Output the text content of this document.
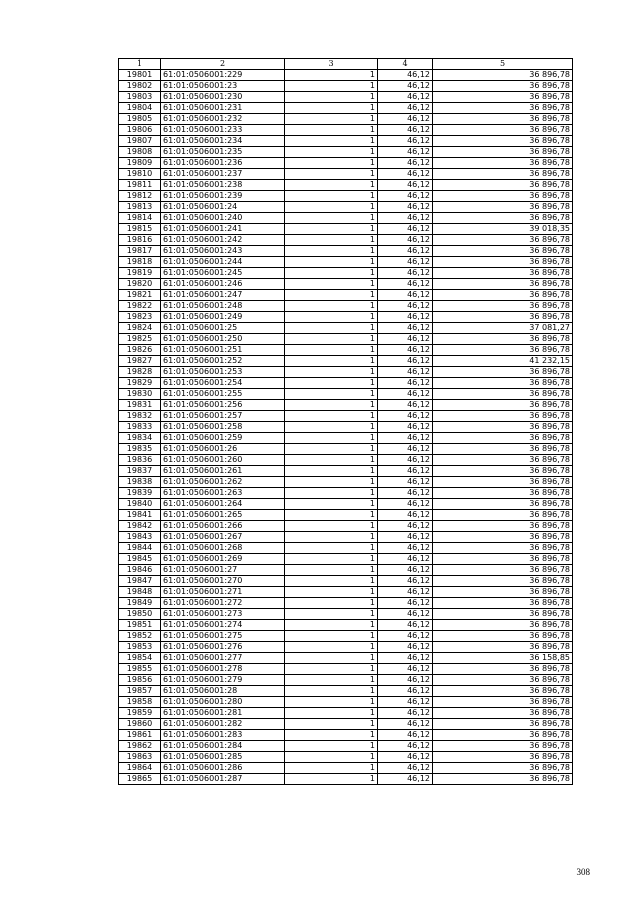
1	2	3	4	5
19801	61:01:0506001:229	1	46,12	36 896,78
19802	61:01:0506001:23	1	46,12	36 896,78
19803	61:01:0506001:230	1	46,12	36 896,78
19804	61:01:0506001:231	1	46,12	36 896,78
19805	61:01:0506001:232	1	46,12	36 896,78
19806	61:01:0506001:233	1	46,12	36 896,78
19807	61:01:0506001:234	1	46,12	36 896,78
19808	61:01:0506001:235	1	46,12	36 896,78
19809	61:01:0506001:236	1	46,12	36 896,78
19810	61:01:0506001:237	1	46,12	36 896,78
19811	61:01:0506001:238	1	46,12	36 896,78
19812	61:01:0506001:239	1	46,12	36 896,78
19813	61:01:0506001:24	1	46,12	36 896,78
19814	61:01:0506001:240	1	46,12	36 896,78
19815	61:01:0506001:241	1	46,12	39 018,35
19816	61:01:0506001:242	1	46,12	36 896,78
19817	61:01:0506001:243	1	46,12	36 896,78
19818	61:01:0506001:244	1	46,12	36 896,78
19819	61:01:0506001:245	1	46,12	36 896,78
19820	61:01:0506001:246	1	46,12	36 896,78
19821	61:01:0506001:247	1	46,12	36 896,78
19822	61:01:0506001:248	1	46,12	36 896,78
19823	61:01:0506001:249	1	46,12	36 896,78
19824	61:01:0506001:25	1	46,12	37 081,27
19825	61:01:0506001:250	1	46,12	36 896,78
19826	61:01:0506001:251	1	46,12	36 896,78
19827	61:01:0506001:252	1	46,12	41 232,15
19828	61:01:0506001:253	1	46,12	36 896,78
19829	61:01:0506001:254	1	46,12	36 896,78
19830	61:01:0506001:255	1	46,12	36 896,78
19831	61:01:0506001:256	1	46,12	36 896,78
19832	61:01:0506001:257	1	46,12	36 896,78
19833	61:01:0506001:258	1	46,12	36 896,78
19834	61:01:0506001:259	1	46,12	36 896,78
19835	61:01:0506001:26	1	46,12	36 896,78
19836	61:01:0506001:260	1	46,12	36 896,78
19837	61:01:0506001:261	1	46,12	36 896,78
19838	61:01:0506001:262	1	46,12	36 896,78
19839	61:01:0506001:263	1	46,12	36 896,78
19840	61:01:0506001:264	1	46,12	36 896,78
19841	61:01:0506001:265	1	46,12	36 896,78
19842	61:01:0506001:266	1	46,12	36 896,78
19843	61:01:0506001:267	1	46,12	36 896,78
19844	61:01:0506001:268	1	46,12	36 896,78
19845	61:01:0506001:269	1	46,12	36 896,78
19846	61:01:0506001:27	1	46,12	36 896,78
19847	61:01:0506001:270	1	46,12	36 896,78
19848	61:01:0506001:271	1	46,12	36 896,78
19849	61:01:0506001:272	1	46,12	36 896,78
19850	61:01:0506001:273	1	46,12	36 896,78
19851	61:01:0506001:274	1	46,12	36 896,78
19852	61:01:0506001:275	1	46,12	36 896,78
19853	61:01:0506001:276	1	46,12	36 896,78
19854	61:01:0506001:277	1	46,12	36 158,85
19855	61:01:0506001:278	1	46,12	36 896,78
19856	61:01:0506001:279	1	46,12	36 896,78
19857	61:01:0506001:28	1	46,12	36 896,78
19858	61:01:0506001:280	1	46,12	36 896,78
19859	61:01:0506001:281	1	46,12	36 896,78
19860	61:01:0506001:282	1	46,12	36 896,78
19861	61:01:0506001:283	1	46,12	36 896,78
19862	61:01:0506001:284	1	46,12	36 896,78
19863	61:01:0506001:285	1	46,12	36 896,78
19864	61:01:0506001:286	1	46,12	36 896,78
19865	61:01:0506001:287	1	46,12	36 896,78
308
